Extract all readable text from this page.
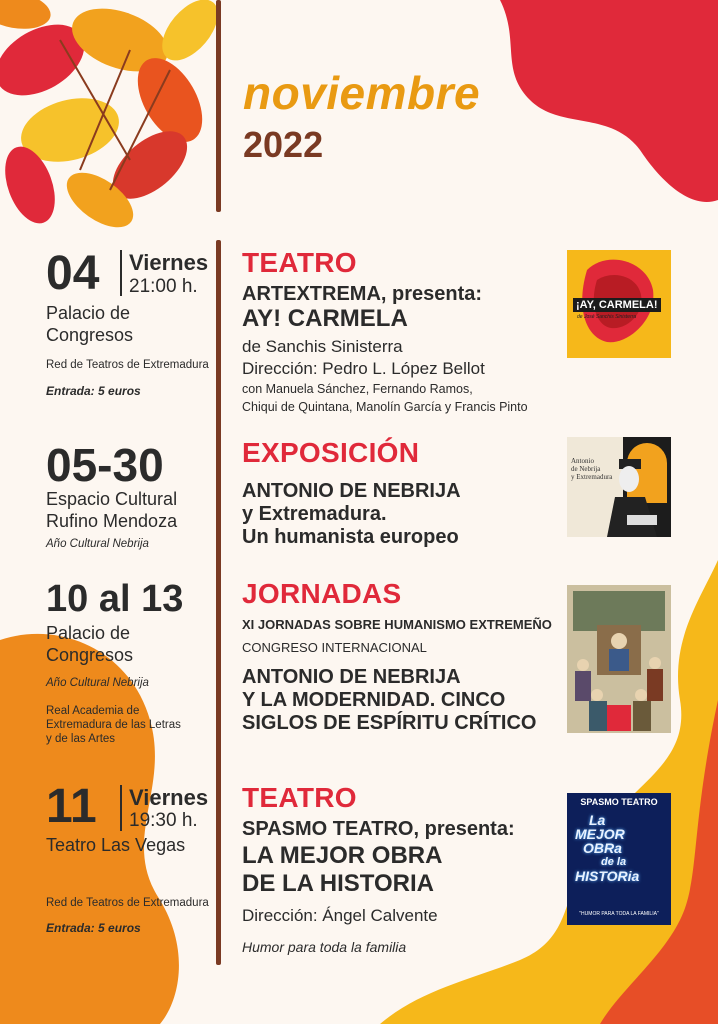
noviembre
2022
04 Viernes
21:00 h.
Palacio de
Congresos
Red de Teatros de Extremadura
Entrada: 5 euros
TEATRO
ARTEXTREMA, presenta:
AY! CARMELA
de Sanchis Sinisterra
Dirección: Pedro L. López Bellot
con Manuela Sánchez, Fernando Ramos,
Chiqui de Quintana, Manolín García y Francis Pinto
¡AY, CARMELA!
de José Sanchis Sinisterra
05-30
Espacio Cultural
Rufino Mendoza
Año Cultural Nebrija
EXPOSICIÓN
ANTONIO DE NEBRIJA
y Extremadura.
Un humanista europeo
Antonio
de Nebrija
y Extremadura
10 al 13
Palacio de
Congresos
Año Cultural Nebrija
Real Academia de
Extremadura de las Letras
y de las Artes
JORNADAS
XI JORNADAS SOBRE HUMANISMO EXTREMEÑO
CONGRESO INTERNACIONAL
ANTONIO DE NEBRIJA
Y LA MODERNIDAD. CINCO
SIGLOS DE ESPÍRITU CRÍTICO
11 Viernes
19:30 h.
Teatro Las Vegas
Red de Teatros de Extremadura
Entrada: 5 euros
TEATRO
SPASMO TEATRO, presenta:
LA MEJOR OBRA
DE LA HISTORIA
Dirección: Ángel Calvente
Humor para toda la familia
SPASMO TEATRO
La
MEJOR
OBRa
de la
HISTORia
"HUMOR PARA TODA LA FAMILIA"
